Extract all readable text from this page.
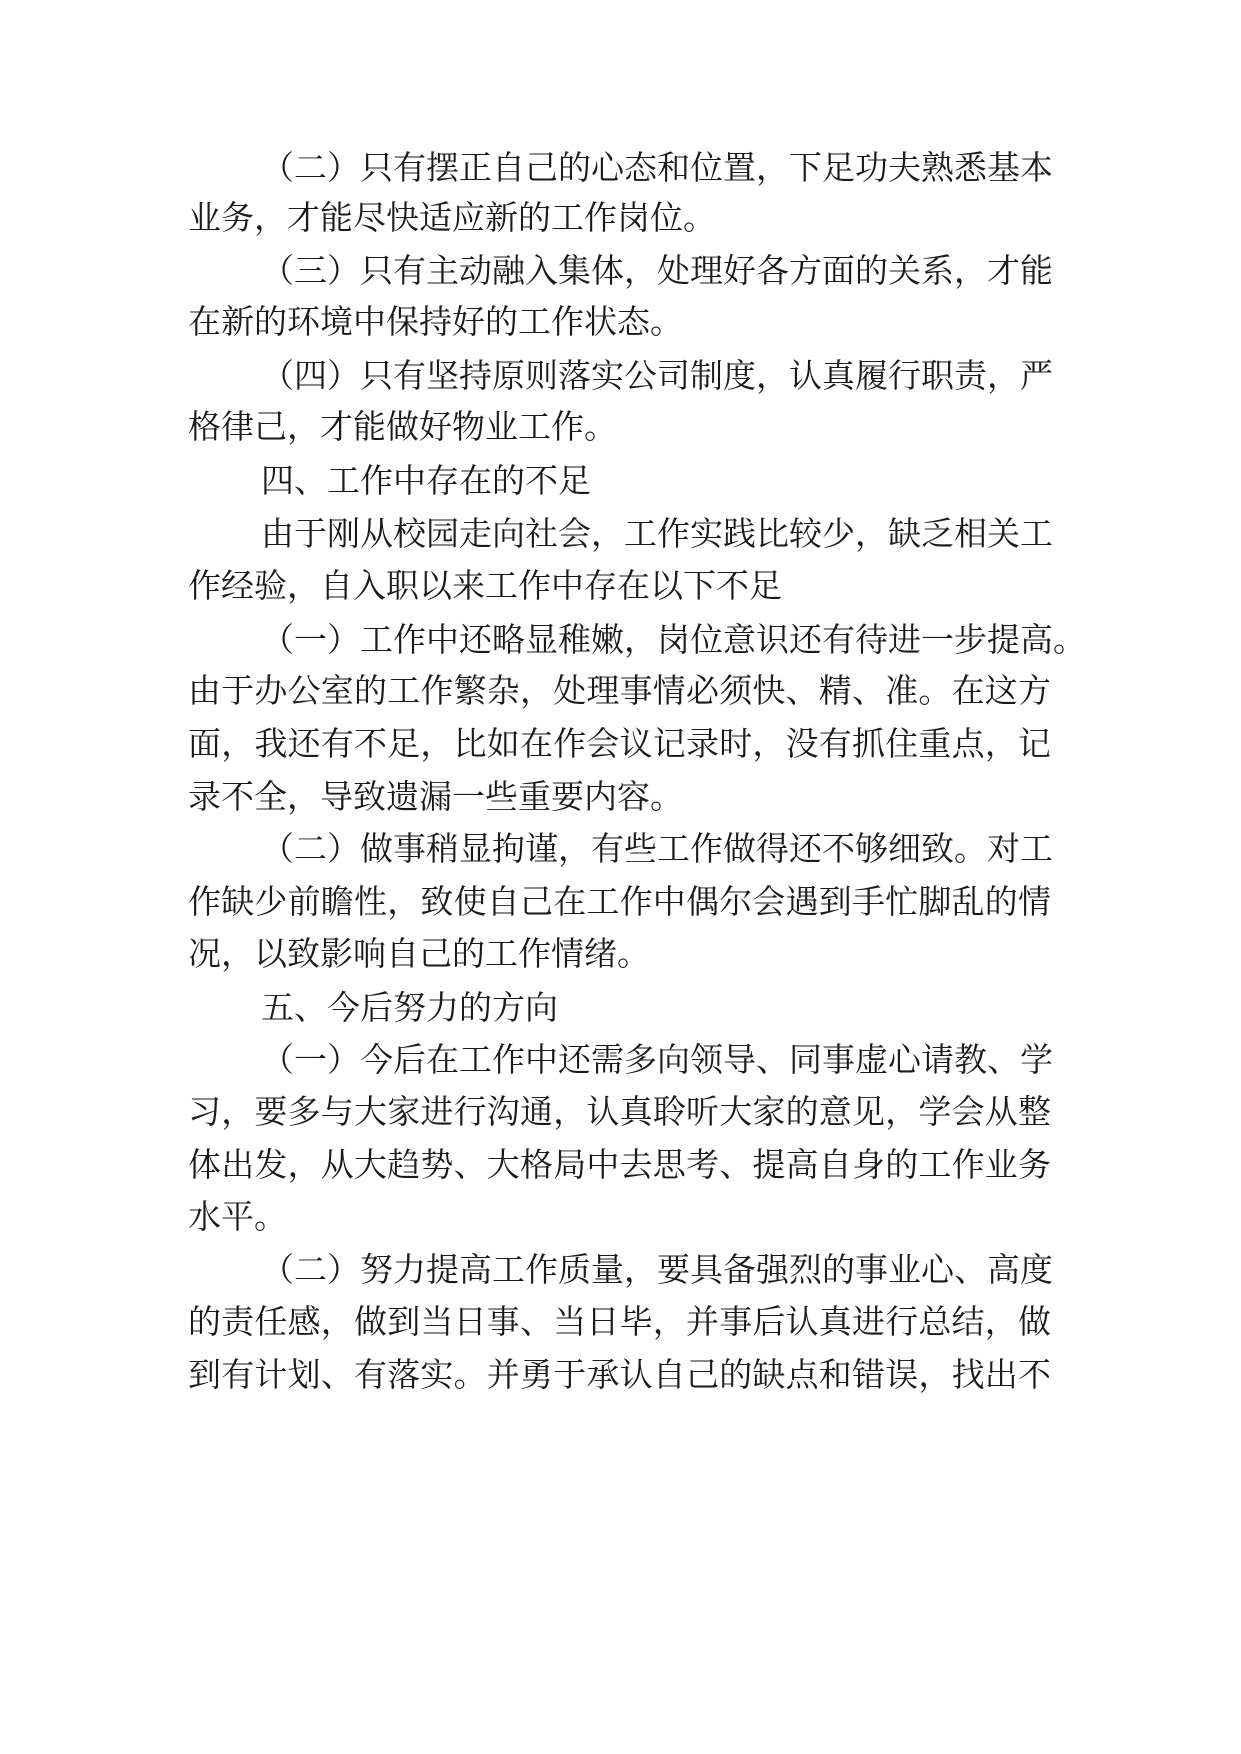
（二）只有摆正自己的心态和位置，下足功夫熟悉基本
业务，才能尽快适应新的工作岗位。
（三）只有主动融入集体，处理好各方面的关系，才能
在新的环境中保持好的工作状态。
（四）只有坚持原则落实公司制度，认真履行职责，严
格律己，才能做好物业工作。
四、工作中存在的不足
由于刚从校园走向社会，工作实践比较少，缺乏相关工
作经验，自入职以来工作中存在以下不足
（一）工作中还略显稚嫩，岗位意识还有待进一步提高。
由于办公室的工作繁杂，处理事情必须快、精、准。在这方
面，我还有不足，比如在作会议记录时，没有抓住重点，记
录不全，导致遗漏一些重要内容。
（二）做事稍显拘谨，有些工作做得还不够细致。对工
作缺少前瞻性，致使自己在工作中偶尔会遇到手忙脚乱的情
况，以致影响自己的工作情绪。
五、今后努力的方向
（一）今后在工作中还需多向领导、同事虚心请教、学
习，要多与大家进行沟通，认真聆听大家的意见，学会从整
体出发，从大趋势、大格局中去思考、提高自身的工作业务
水平。
（二）努力提高工作质量，要具备强烈的事业心、高度
的责任感，做到当日事、当日毕，并事后认真进行总结，做
到有计划、有落实。并勇于承认自己的缺点和错误，找出不
